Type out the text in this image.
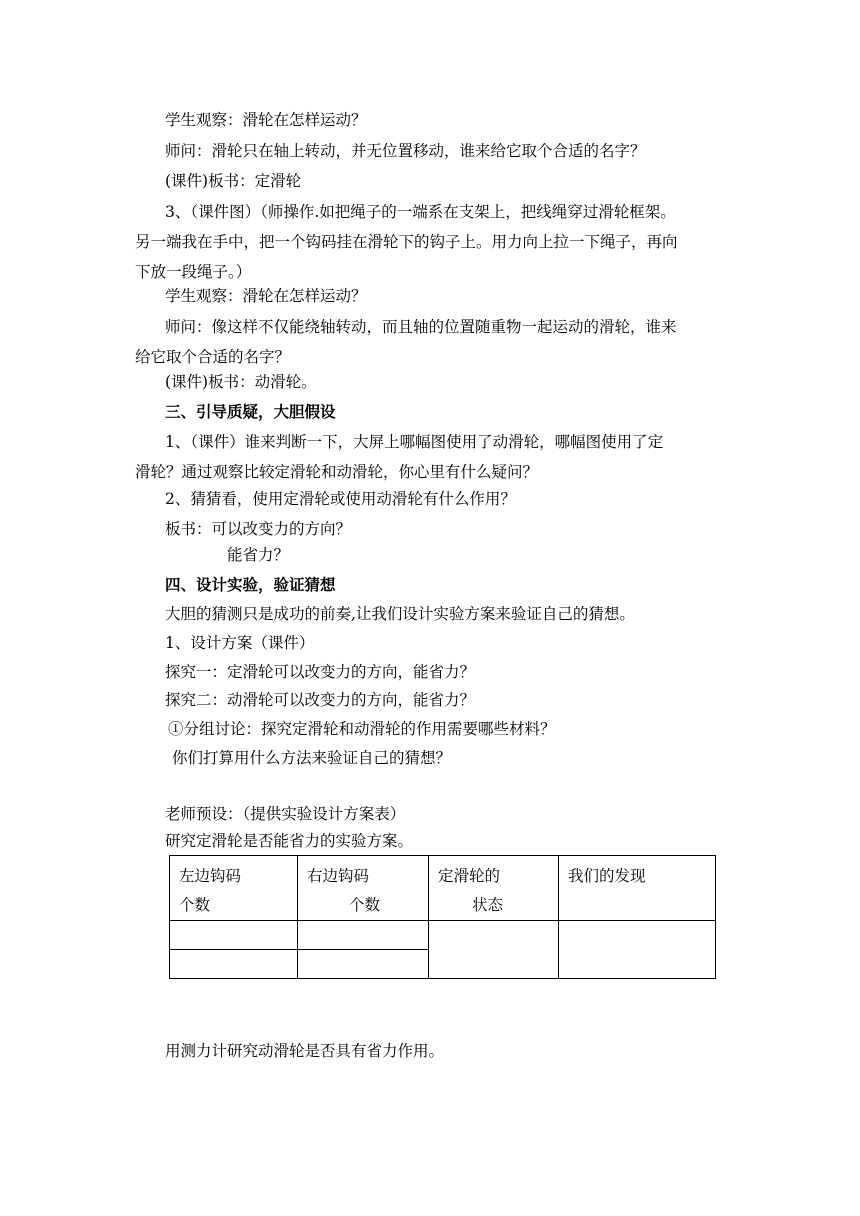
学生观察：滑轮在怎样运动？
师问：滑轮只在轴上转动，并无位置移动，谁来给它取个合适的名字？
(课件)板书：定滑轮
3、（课件图）（师操作.如把绳子的一端系在支架上，把线绳穿过滑轮框架。
另一端我在手中，把一个钩码挂在滑轮下的钩子上。用力向上拉一下绳子，再向
下放一段绳子。）
学生观察：滑轮在怎样运动？
师问：像这样不仅能绕轴转动，而且轴的位置随重物一起运动的滑轮，谁来
给它取个合适的名字？
(课件)板书：动滑轮。
三、引导质疑，大胆假设
1、（课件）谁来判断一下，大屏上哪幅图使用了动滑轮，哪幅图使用了定
滑轮？通过观察比较定滑轮和动滑轮，你心里有什么疑问？
2、猜猜看，使用定滑轮或使用动滑轮有什么作用？
板书：可以改变力的方向？
能省力？
四、设计实验，验证猜想
大胆的猜测只是成功的前奏,让我们设计实验方案来验证自己的猜想。
1、设计方案（课件）
探究一：定滑轮可以改变力的方向，能省力？
探究二：动滑轮可以改变力的方向，能省力？
①分组讨论：探究定滑轮和动滑轮的作用需要哪些材料？
你们打算用什么方法来验证自己的猜想？
老师预设：（提供实验设计方案表）
研究定滑轮是否能省力的实验方案。
左边钩码
个数	右边钩码
个数	定滑轮的
状态	我们的发现

用测力计研究动滑轮是否具有省力作用。
